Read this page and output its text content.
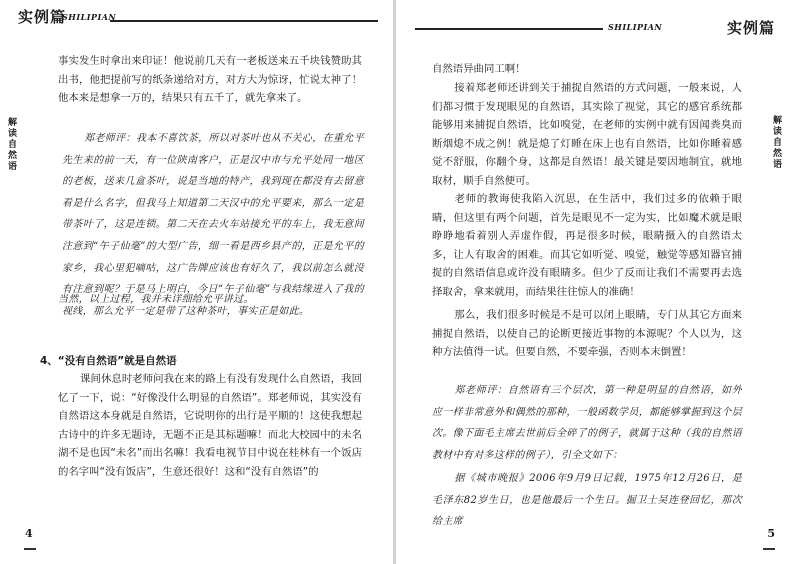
实例篇
SHILIPIAN
解读自然语

事实发生时拿出来印证！他说前几天有一老板送来五千块钱赞助其出书，他把提前写的纸条递给对方，对方大为惊讶，忙说太神了！他本来是想拿一万的，结果只有五千了，就先拿来了。

郑老师评：我本不喜饮茶，所以对茶叶也从不关心，在重允平先生来的前一天，有一位陕南客户，正是汉中市与允平处同一地区的老板，送来几盒茶叶，说是当地的特产，我到现在都没有去留意看是什么名字，但我马上知道第二天汉中的允平要来，那么一定是带茶叶了，这是连锁。第二天在去火车站接允平的车上，我无意间注意到“午子仙毫”的大型广告，细一看是西乡县产的，正是允平的家乡，我心里犯嘀咕，这广告牌应该也有好久了，我以前怎么就没有注意到呢？于是马上明白，今日“午子仙毫”与我结缘进入了我的视线，那么允平一定是带了这种茶叶，事实正是如此。

当然，以上过程，我并未详细给允平讲过。

4、“没有自然语”就是自然语

课间休息时老师问我在来的路上有没有发现什么自然语，我回忆了一下，说：“好像没什么明显的自然语”。郑老师说，其实没有自然语这本身就是自然语，它说明你的出行是平顺的！这使我想起古诗中的许多无题诗，无题不正是其标题嘛！而北大校园中的未名湖不是也因“未名”而出名嘛！我看电视节目中说在桂林有一个饭店的名字叫“没有饭店”，生意还很好！这和“没有自然语”的

4
SHILIPIAN	实例篇
解读自然语

自然语异曲同工啊！

接着郑老师还讲到关于捕捉自然语的方式问题，一般来说，人们都习惯于发现眼见的自然语，其实除了视觉，其它的感官系统都能够用来捕捉自然语，比如嗅觉，在老师的实例中就有因闻粪臭而断烟熄不成之例！就是熄了灯睡在床上也有自然语，比如你睡着感觉不舒服，你翻个身，这都是自然语！最关键是要因地制宜，就地取材，顺手自然便可。

老师的教诲使我陷入沉思，在生活中，我们过多的依赖于眼睛，但这里有两个问题，首先是眼见不一定为实，比如魔术就是眼睁睁地看着别人弄虚作假，再是很多时候，眼睛摄入的自然语太多，让人有取舍的困难。而其它如听觉、嗅觉，触觉等感知器官捕捉的自然语信息或许没有眼睛多。但少了反而让我们不需要再去选择取舍，拿来就用，而结果往往惊人的准确！

那么，我们很多时候是不是可以闭上眼睛，专门从其它方面来捕捉自然语，以使自己的论断更接近事物的本源呢？个人以为，这种方法值得一试。但要自然，不要牵强，否则本末倒置！

郑老师评：自然语有三个层次，第一种是明显的自然语，如外应一样非常意外和偶然的那种，一般函数学员，都能够掌握到这个层次。像下面毛主席去世前后全碎了的例子，就属于这种（我的自然语教材中有对多这样的例子），引全文如下：

据《城市晚报》2006年9月9日记载，1975年12月26日，是毛泽东82岁生日，也是他最后一个生日。掘卫士吴连登回忆，那次给主席

5
